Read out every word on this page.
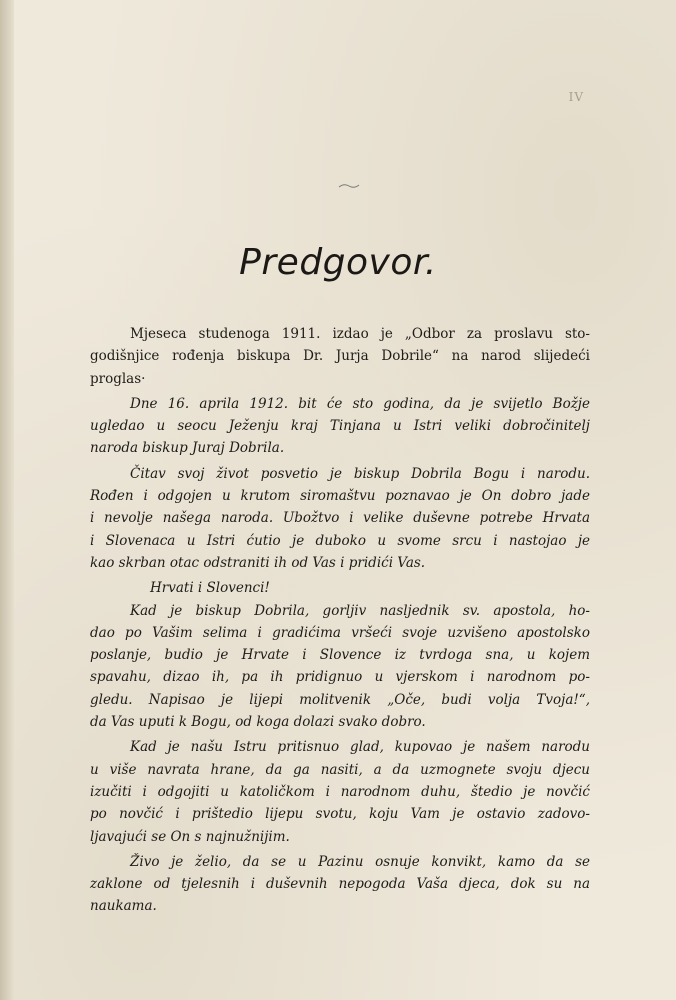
IV
Predgovor.
Mjeseca studenoga 1911. izdao je „Odbor za proslavu sto-
godišnjice rođenja biskupa Dr. Jurja Dobrile“ na narod slijedeći
proglas·
Dne 16. aprila 1912. bit će sto godina, da je svijetlo Božje
ugledao u seocu Ježenju kraj Tinjana u Istri veliki dobročinitelj
naroda biskup Juraj Dobrila.
Čitav svoj život posvetio je biskup Dobrila Bogu i narodu.
Rođen i odgojen u krutom siromaštvu poznavao je On dobro jade
i nevolje našega naroda. Ubožtvo i velike duševne potrebe Hrvata
i Slovenaca u Istri ćutio je duboko u svome srcu i nastojao je
kao skrban otac odstraniti ih od Vas i pridići Vas.
Hrvati i Slovenci!
Kad je biskup Dobrila, gorljiv nasljednik sv. apostola, ho-
dao po Vašim selima i gradićima vršeći svoje uzvišeno apostolsko
poslanje, budio je Hrvate i Slovence iz tvrdoga sna, u kojem
spavahu, dizao ih, pa ih pridignuo u vjerskom i narodnom po-
gledu. Napisao je lijepi molitvenik „Oče, budi volja Tvoja!“,
da Vas uputi k Bogu, od koga dolazi svako dobro.
Kad je našu Istru pritisnuo glad, kupovao je našem narodu
u više navrata hrane, da ga nasiti, a da uzmognete svoju djecu
izučiti i odgojiti u katoličkom i narodnom duhu, štedio je novčić
po novčić i prištedio lijepu svotu, koju Vam je ostavio zadovo-
ljavajući se On s najnužnijim.
Živo je želio, da se u Pazinu osnuje konvikt, kamo da se
zaklone od tjelesnih i duševnih nepogoda Vaša djeca, dok su na
naukama.
